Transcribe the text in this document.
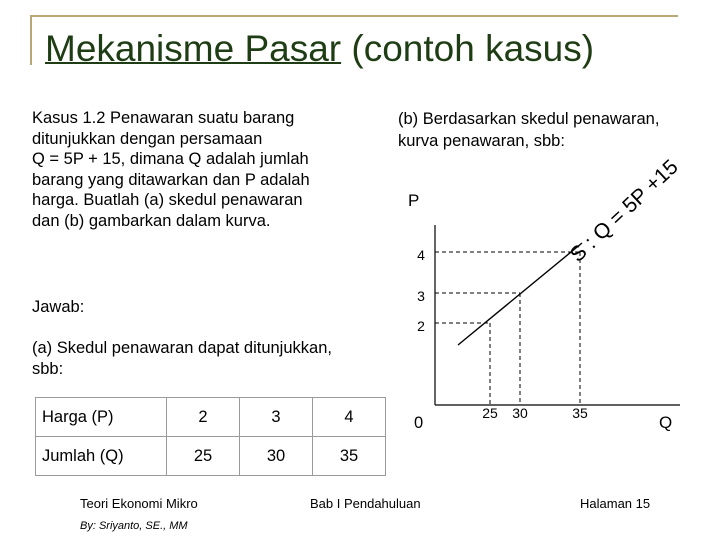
Mekanisme Pasar (contoh kasus)
Kasus 1.2 Penawaran suatu barang
ditunjukkan dengan persamaan
Q = 5P + 15, dimana Q adalah jumlah
barang yang ditawarkan dan P adalah
harga. Buatlah (a) skedul penawaran
dan (b) gambarkan dalam kurva.
Jawab:
(a) Skedul penawaran dapat ditunjukkan,
sbb:
Harga (P)	2	3	4
Jumlah (Q)	25	30	35
(b) Berdasarkan skedul penawaran,
kurva penawaran, sbb:
P
Q
0
25 30	35
2
3
4	S : Q = 5P +15
Teori Ekonomi Mikro
By: Sriyanto, SE., MM
Bab I Pendahuluan	Halaman 15
